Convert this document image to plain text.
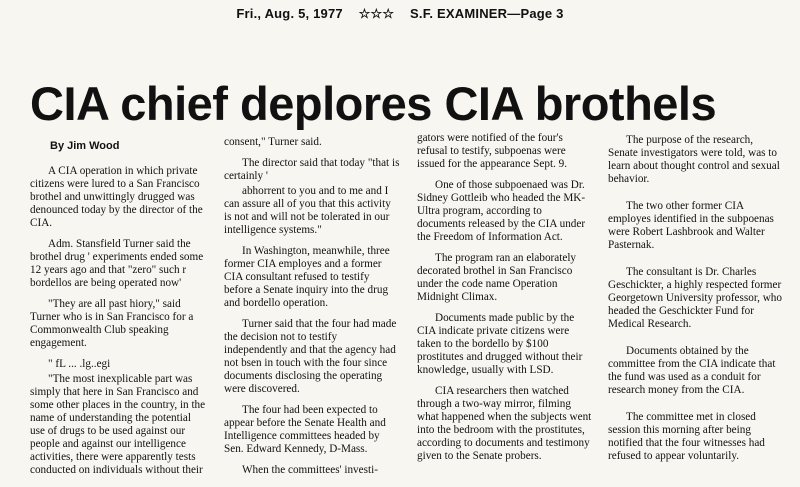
Fri., Aug. 5, 1977 ☆☆☆ S.F. EXAMINER—Page 3
CIA chief deplores CIA brothels

By Jim Wood

A CIA operation in which private citizens were lured to a San Francisco brothel and unwittingly drugged was denounced today by the director of the CIA.

Adm. Stansfield Turner said the brothel drug ' experiments ended some 12 years ago and that "zero" such r bordellos are being operated now'

"They are all past hiory," said Turner who is in San Francisco for a Commonwealth Club speaking engagement.

" fL ... .lg..egi

"The most inexplicable part was simply that here in San Francisco and some other places in the country, in the name of understanding the potential use of drugs to be used against our people and against our intelligence activities, there were apparently tests conducted on individuals without their

consent," Turner said.

The director said that today "that is certainly '

abhorrent to you and to me and I can assure all of you that this activity is not and will not be tolerated in our intelligence systems."

In Washington, meanwhile, three former CIA employes and a former CIA consultant refused to testify before a Senate inquiry into the drug and bordello operation.

Turner said that the four had made the decision not to testify independently and that the agency had not bsen in touch with the four since documents disclosing the operating were discovered.

The four had been expected to appear before the Senate Health and Intelligence committees headed by Sen. Edward Kennedy, D-Mass.

When the committees' investi-

gators were notified of the four's refusal to testify, subpoenas were issued for the appearance Sept. 9.

One of those subpoenaed was Dr. Sidney Gottleib who headed the MK-Ultra program, according to documents released by the CIA under the Freedom of Information Act.

The program ran an elaborately decorated brothel in San Francisco under the code name Operation Midnight Climax.

Documents made public by the CIA indicate private citizens were taken to the bordello by $100 prostitutes and drugged without their knowledge, usually with LSD.

CIA researchers then watched through a two-way mirror, filming what happened when the subjects went into the bedroom with the prostitutes, according to documents and testimony given to the Senate probers.

The purpose of the research, Senate investigators were told, was to learn about thought control and sexual behavior.

The two other former CIA employes identified in the subpoenas were Robert Lashbrook and Walter Pasternak.

The consultant is Dr. Charles Geschickter, a highly respected former Georgetown University professor, who headed the Geschickter Fund for Medical Research.

Documents obtained by the committee from the CIA indicate that the fund was used as a conduit for research money from the CIA.

The committee met in closed session this morning after being notified that the four witnesses had refused to appear voluntarily.
